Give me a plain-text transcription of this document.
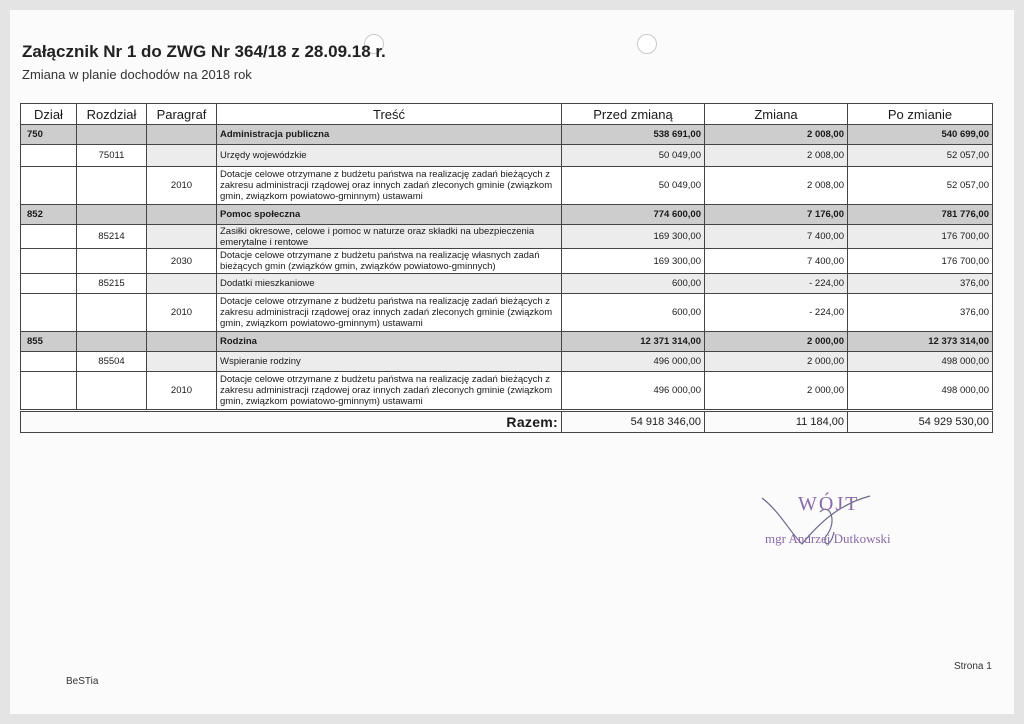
Załącznik Nr 1 do ZWG Nr 364/18 z 28.09.18 r.
Zmiana w planie dochodów na 2018 rok
Dział	Rozdział	Paragraf	Treść	Przed zmianą	Zmiana	Po zmianie
750			Administracja publiczna	538 691,00	2 008,00	540 699,00
	75011		Urzędy wojewódzkie	50 049,00	2 008,00	52 057,00
		2010	Dotacje celowe otrzymane z budżetu państwa na realizację zadań bieżących z zakresu administracji rządowej oraz innych zadań zleconych gminie (związkom gmin, związkom powiatowo-gminnym) ustawami	50 049,00	2 008,00	52 057,00
852			Pomoc społeczna	774 600,00	7 176,00	781 776,00
	85214		Zasiłki okresowe, celowe i pomoc w naturze oraz składki na ubezpieczenia emerytalne i rentowe	169 300,00	7 400,00	176 700,00
		2030	Dotacje celowe otrzymane z budżetu państwa na realizację własnych zadań bieżących gmin (związków gmin, związków powiatowo-gminnych)	169 300,00	7 400,00	176 700,00
	85215		Dodatki mieszkaniowe	600,00	- 224,00	376,00
		2010	Dotacje celowe otrzymane z budżetu państwa na realizację zadań bieżących z zakresu administracji rządowej oraz innych zadań zleconych gminie (związkom gmin, związkom powiatowo-gminnym) ustawami	600,00	- 224,00	376,00
855			Rodzina	12 371 314,00	2 000,00	12 373 314,00
	85504		Wspieranie rodziny	496 000,00	2 000,00	498 000,00
		2010	Dotacje celowe otrzymane z budżetu państwa na realizację zadań bieżących z zakresu administracji rządowej oraz innych zadań zleconych gminie (związkom gmin, związkom powiatowo-gminnym) ustawami	496 000,00	2 000,00	498 000,00
Razem:	54 918 346,00	11 184,00	54 929 530,00
WÓJT
mgr Andrzej Dutkowski
BeSTia
Strona 1
